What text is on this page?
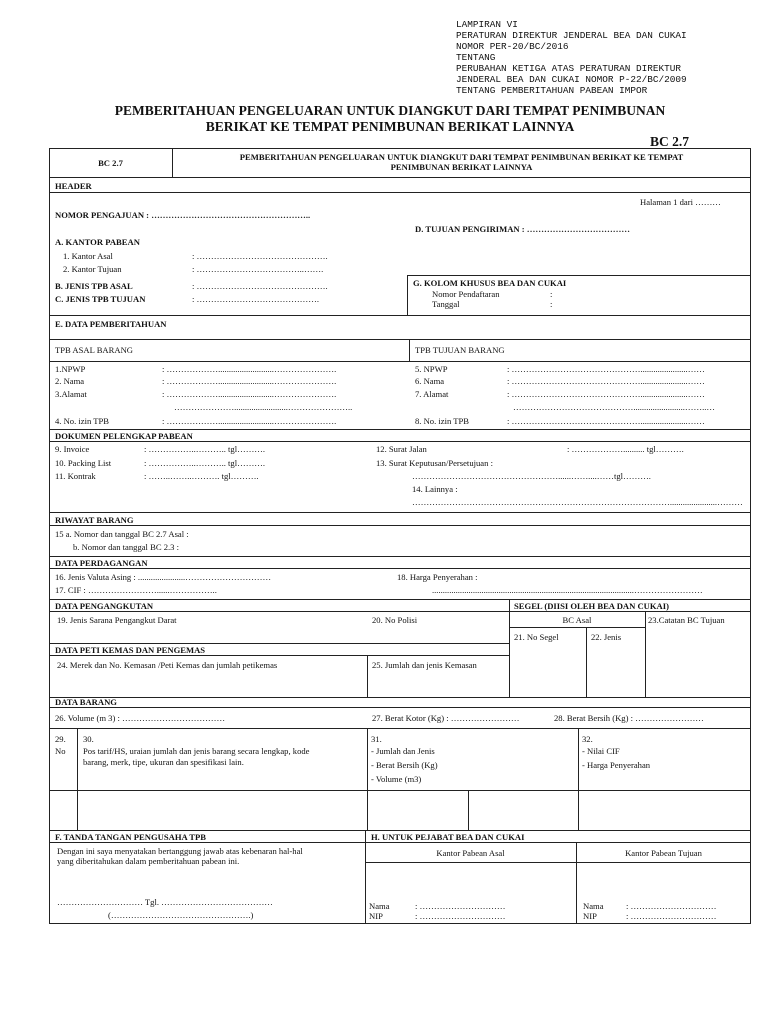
LAMPIRAN VI
PERATURAN DIREKTUR JENDERAL BEA DAN CUKAI
NOMOR PER-20/BC/2016
TENTANG
PERUBAHAN KETIGA ATAS PERATURAN DIREKTUR
JENDERAL BEA DAN CUKAI NOMOR P-22/BC/2009
TENTANG PEMBERITAHUAN PABEAN IMPOR
PEMBERITAHUAN PENGELUARAN UNTUK DIANGKUT DARI TEMPAT PENIMBUNAN
BERIKAT KE TEMPAT PENIMBUNAN BERIKAT LAINNYA
BC 2.7
BC 2.7
PEMBERITAHUAN PENGELUARAN UNTUK DIANGKUT DARI TEMPAT PENIMBUNAN BERIKAT KE TEMPAT
PENIMBUNAN BERIKAT LAINNYA
HEADER
Halaman 1 dari ………
NOMOR PENGAJUAN : ………………………………………………..
D. TUJUAN PENGIRIMAN : ………………………………
A. KANTOR PABEAN
1. Kantor Asal	: ……………………………………….
2. Kantor Tujuan	: ………………………………..…….
B. JENIS TPB ASAL	: ……………………………………….
C. JENIS TPB TUJUAN	: …………………………………….
G. KOLOM KHUSUS BEA DAN CUKAI
Nomor Pendaftaran	:
Tanggal	:
E. DATA PEMBERITAHUAN
TPB ASAL BARANG	TPB TUJUAN BARANG
1.NPWP	: ………………..........................………………….
2. Nama	: ………………..........................………………….
3.Alamat	: ………………..........................………………….
………………….........................…………………..
4. No. izin TPB	: ………………..........................………………….
5. NPWP	: ………………………………………......................……
6. Nama	: ………………………………………......................……
7. Alamat	: ………………………………………......................……
……………………………………........................……..…
8. No. izin TPB	: ………………………………………......................……
DOKUMEN PELENGKAP PABEAN
9. Invoice	: ……………..……….. tgl……….
10. Packing List	: ……………..……….. tgl……….
11. Kontrak	: ……..……..………. tgl……….
12. Surat Jalan	: ……………….......... tgl……….
13. Surat Keputusan/Persetujuan :
……………………………………………......……....……tgl……….
14. Lainnya :
………………………………………………………………………………......................………
RIWAYAT BARANG
15 a. Nomor dan tanggal BC 2.7 Asal :
b. Nomor dan tanggal BC 2.3 :
DATA PERDAGANGAN
16. Jenis Valuta Asing : ......................…………………………
17. CIF : ……………………......……………..
18. Harga Penyerahan :
..............................................................................................……………………
DATA PENGANGKUTAN	SEGEL (DIISI OLEH BEA DAN CUKAI)
19. Jenis Sarana Pengangkut Darat	20. No Polisi	BC Asal	23.Catatan BC Tujuan
21. No Segel	22. Jenis
DATA PETI KEMAS DAN PENGEMAS
24. Merek dan No. Kemasan /Peti Kemas dan jumlah petikemas	25. Jumlah dan jenis Kemasan
DATA BARANG
26. Volume (m 3) : ………………………………	27. Berat Kotor (Kg) : ……………………	28. Berat Bersih (Kg) : ……………………
29.
No
30.
Pos tarif/HS, uraian jumlah dan jenis barang secara lengkap, kode
barang, merk, tipe, ukuran dan spesifikasi lain.
31.
- Jumlah dan Jenis
- Berat Bersih (Kg)
- Volume (m3)
32.
- Nilai CIF
- Harga Penyerahan
F. TANDA TANGAN PENGUSAHA TPB	H. UNTUK PEJABAT BEA DAN CUKAI
Dengan ini saya menyatakan bertanggung jawab atas kebenaran hal-hal
yang diberitahukan dalam pemberitahuan pabean ini.
………………………… Tgl. …………………………………
(………………………………………….)
Kantor Pabean Asal	Kantor Pabean Tujuan
Nama	: …………………………
NIP	: …………………………
Nama	: …………………………
NIP	: …………………………
